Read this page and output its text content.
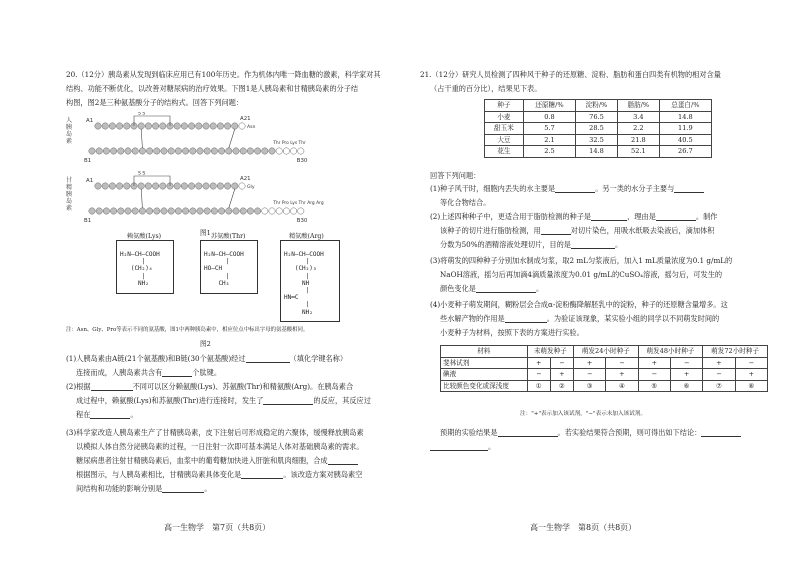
20.（12分）胰岛素从发现到临床应用已有100年历史。作为机体内唯一降血糖的激素，科学家对其
结构、功能不断优化，以改善对糖尿病的治疗效果。下图1是人胰岛素和甘精胰岛素的分子结
构图，图2是三种氨基酸分子的结构式。回答下列问题：
S S
A1	A21
B1	B30
Asn
Thr Pro Lys Thr
人
胰
岛
素
S S
A1	A21
B1	B30
Gly
Thr Pro Lys Thr Arg Arg
甘
精
胰
岛
素
图1
赖氨酸(Lys)
H₂N—CH—COOH
|
(CH₂)₄
|
NH₂
苏氨酸(Thr)
H₂N—CH—COOH
|
HO—CH
|
CH₃
精氨酸(Arg)
H₂N—CH—COOH
|
(CH₂)₃
|
NH
|
HN═C
|
NH₂
注：Asn、Gly、Pro等表示不同的氨基酸，图1中两种胰岛素中，相应位点中标出字母的氨基酸相同。
图2
(1)人胰岛素由A链(21个氨基酸)和B链(30个氨基酸)经过	（填化学键名称）
连接而成，人胰岛素共含有	个肽键。
(2)根据	不同可以区分赖氨酸(Lys)、苏氨酸(Thr)和精氨酸(Arg)。在胰岛素合
成过程中，赖氨酸(Lys)和苏氨酸(Thr)进行连接时，发生了	的反应，其反应过
程在	。
(3)科学家改造人胰岛素生产了甘精胰岛素，皮下注射后可形成稳定的六聚体，缓慢释放胰岛素
以模拟人体自然分泌胰岛素的过程，一日注射一次即可基本满足人体对基础胰岛素的需求。
糖尿病患者注射甘精胰岛素后，血浆中的葡萄糖加快进入肝脏和肌肉细胞，合成
根据图示，与人胰岛素相比，甘精胰岛素具体变化是	。该改造方案对胰岛素空
间结构和功能的影响分别是	。
高一生物学　第7页（共8页）
21.（12分）研究人员检测了四种风干种子的还原糖、淀粉、脂肪和蛋白四类有机物的相对含量
（占干重的百分比），结果见下表。
种子	还原糖/%	淀粉/%	脂肪/%	总蛋白/%
小麦	0.8	76.5	3.4	14.8
甜玉米	5.7	28.5	2.2	11.9
大豆	2.1	32.5	21.8	40.5
花生	2.5	14.8	52.1	26.7
回答下列问题：
(1)种子风干时，细胞内丢失的水主要是	。另一类的水分子主要与
等化合物结合。
(2)上述四种种子中，更适合用于脂肪检测的种子是	，理由是	。制作
该种子的切片进行脂肪检测，用	对切片染色，用吸水纸吸去染液后，滴加体积
分数为50%的酒精溶液处理切片，目的是	。
(3)将萌发的四种种子分别加水制成匀浆，取2 mL匀浆液后，加入1 mL质量浓度为0.1 g/mL的
NaOH溶液，摇匀后再加滴4滴质量浓度为0.01 g/mL的CuSO₄溶液，摇匀后，可发生的
颜色变化是	。
(4)小麦种子萌发期间，糊粉层会合成α-淀粉酶降解胚乳中的淀粉，种子的还原糖含量增多。这
些水解产物的作用是	。为验证该现象，某实验小组的同学以不同萌发时间的
小麦种子为材料，按照下表的方案进行实验。
材料	未萌发种子		萌发24小时种子		萌发48小时种子		萌发72小时种子	
斐林试剂	+	−	+	−	+	−	+	−
碘液	−	+	−	+	−	+	−	+
比较颜色变化或深浅度	①	②	③	④	⑤	⑥	⑦	⑧
注："+"表示加入该试剂，"−"表示未加入该试剂。
预期的实验结果是	。若实验结果符合预期，则可得出如下结论：
。
高一生物学　第8页（共8页）
